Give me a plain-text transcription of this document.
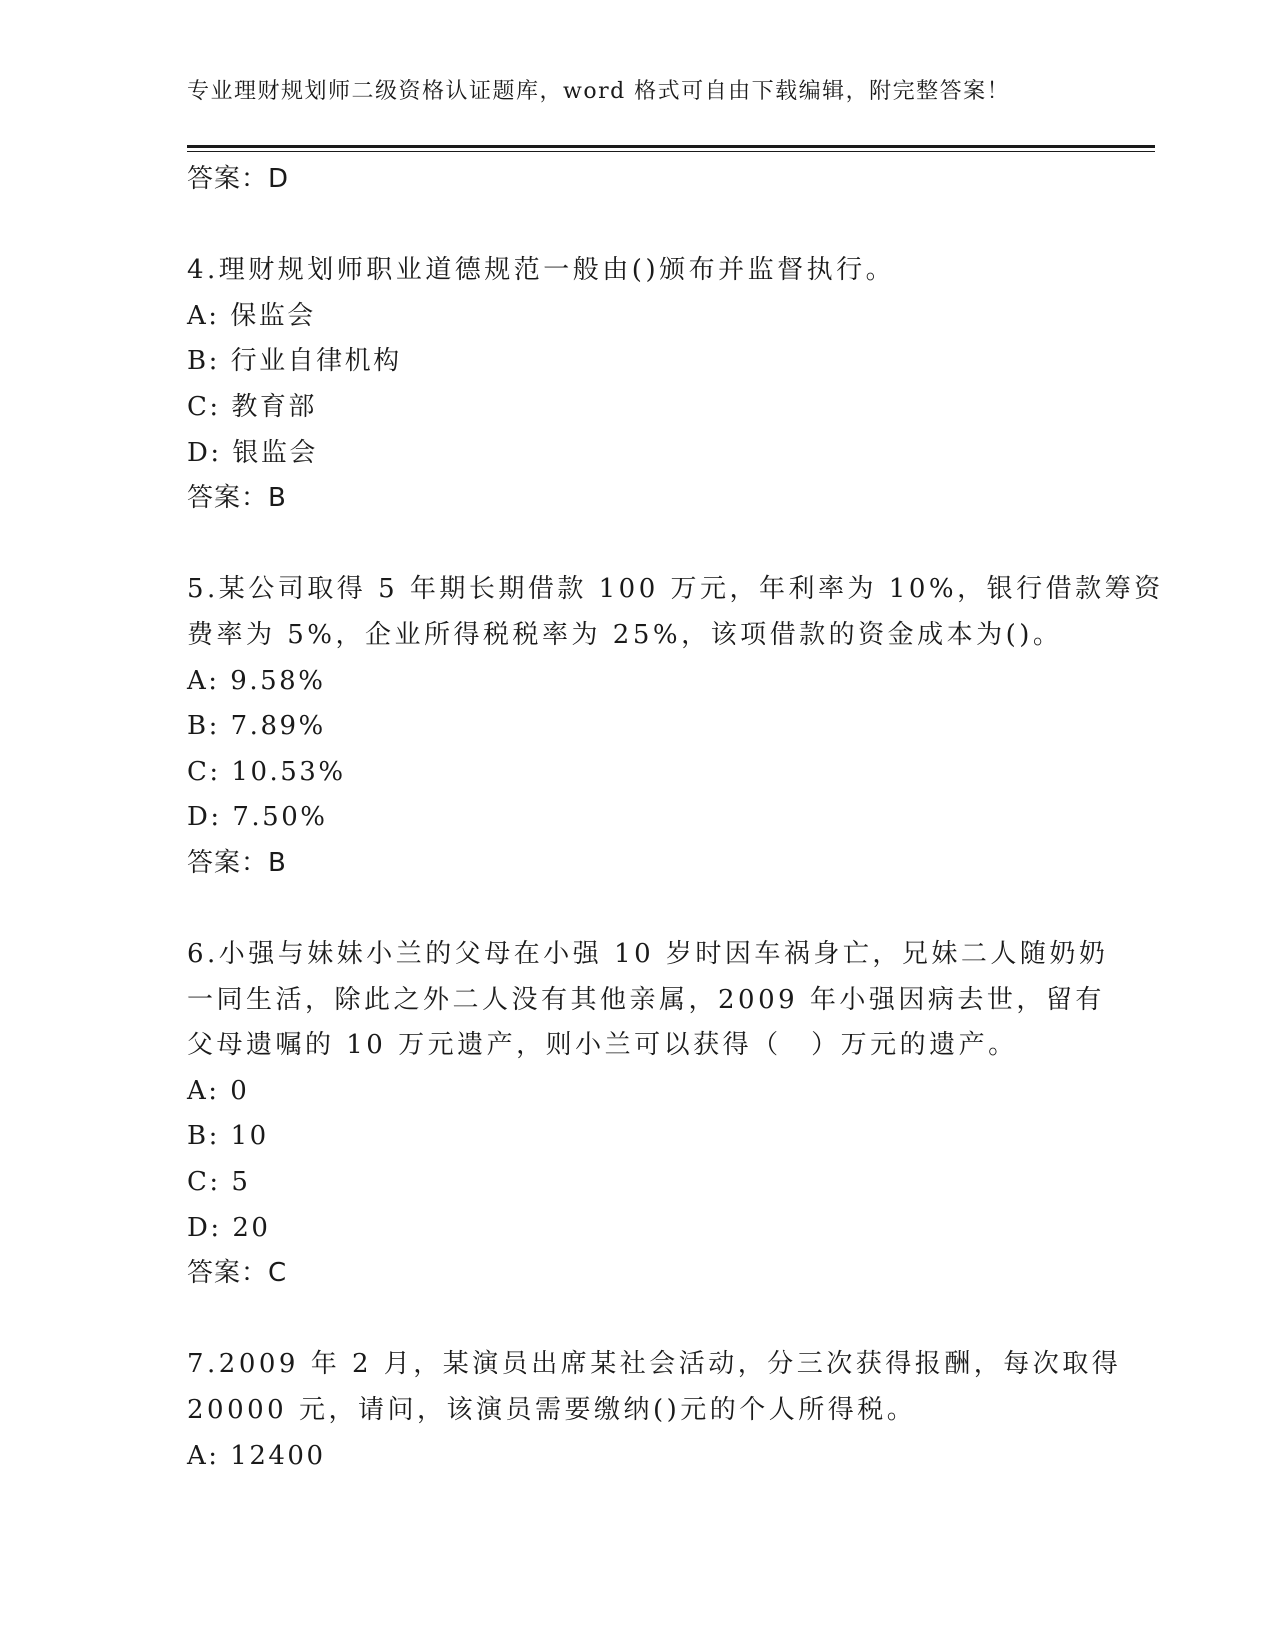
专业理财规划师二级资格认证题库，word 格式可自由下载编辑，附完整答案！
答案：D
4.理财规划师职业道德规范一般由()颁布并监督执行。
A: 保监会
B: 行业自律机构
C: 教育部
D: 银监会
答案：B
5.某公司取得 5 年期长期借款 100 万元，年利率为 10%，银行借款筹资
费率为 5%，企业所得税税率为 25%，该项借款的资金成本为()。
A: 9.58%
B: 7.89%
C: 10.53%
D: 7.50%
答案：B
6.小强与妹妹小兰的父母在小强 10 岁时因车祸身亡，兄妹二人随奶奶
一同生活，除此之外二人没有其他亲属，2009 年小强因病去世，留有
父母遗嘱的 10 万元遗产，则小兰可以获得（　）万元的遗产。
A: 0
B: 10
C: 5
D: 20
答案：C
7.2009 年 2 月，某演员出席某社会活动，分三次获得报酬，每次取得
20000 元，请问，该演员需要缴纳()元的个人所得税。
A: 12400
